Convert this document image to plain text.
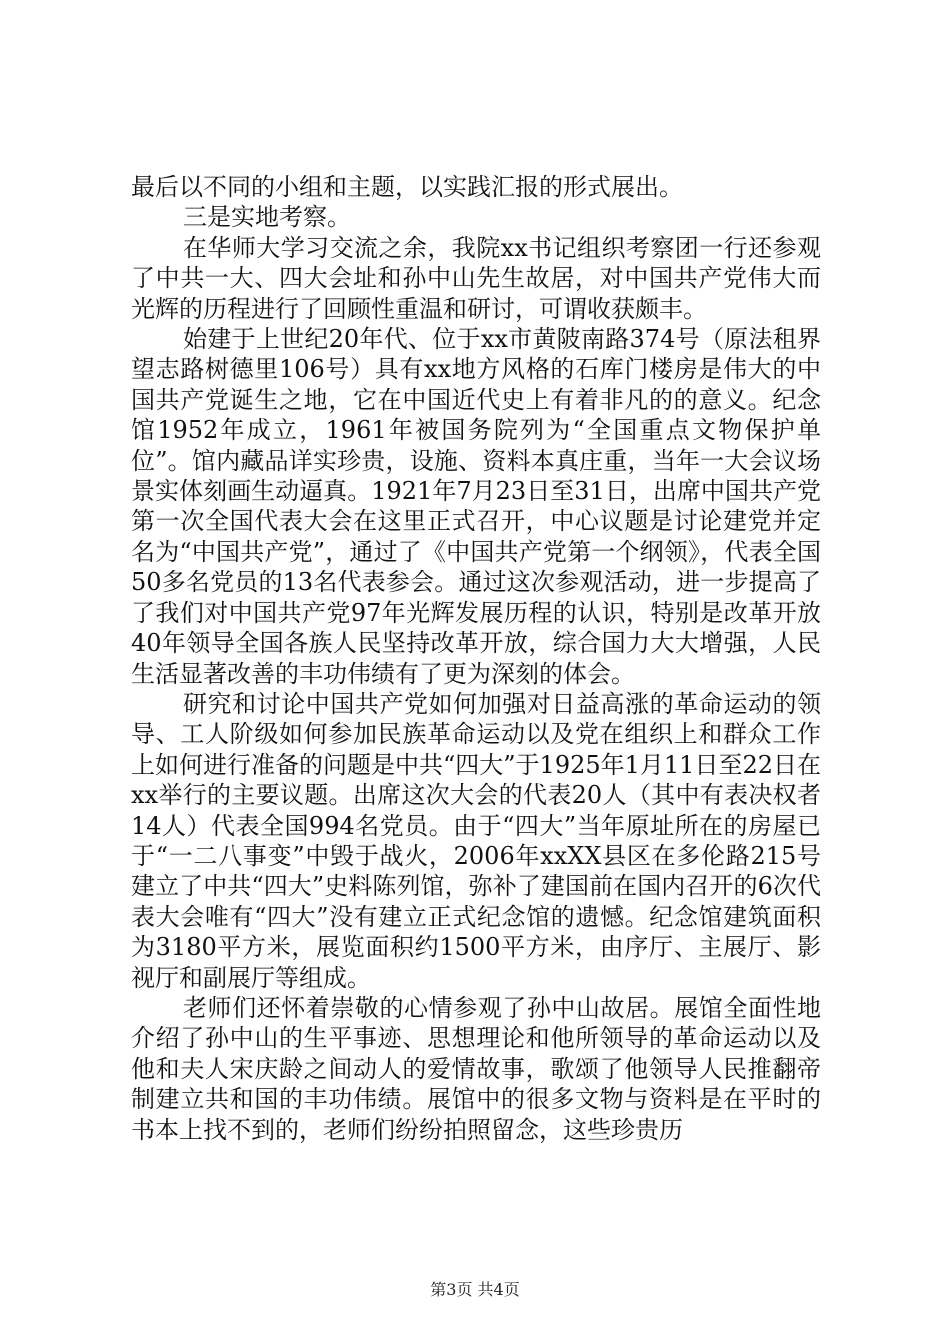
最后以不同的小组和主题，以实践汇报的形式展出。

三是实地考察。

在华师大学习交流之余，我院xx书记组织考察团一行还参观了中共一大、四大会址和孙中山先生故居，对中国共产党伟大而光辉的历程进行了回顾性重温和研讨，可谓收获颇丰。

始建于上世纪20年代、位于xx市黄陂南路374号（原法租界望志路树德里106号）具有xx地方风格的石库门楼房是伟大的中国共产党诞生之地，它在中国近代史上有着非凡的的意义。纪念馆1952年成立，1961年被国务院列为“全国重点文物保护单位”。馆内藏品详实珍贵，设施、资料本真庄重，当年一大会议场景实体刻画生动逼真。1921年7月23日至31日，出席中国共产党第一次全国代表大会在这里正式召开，中心议题是讨论建党并定名为“中国共产党”，通过了《中国共产党第一个纲领》，代表全国50多名党员的13名代表参会。通过这次参观活动，进一步提高了了我们对中国共产党97年光辉发展历程的认识，特别是改革开放40年领导全国各族人民坚持改革开放，综合国力大大增强，人民生活显著改善的丰功伟绩有了更为深刻的体会。

研究和讨论中国共产党如何加强对日益高涨的革命运动的领导、工人阶级如何参加民族革命运动以及党在组织上和群众工作上如何进行准备的问题是中共“四大”于1925年1月11日至22日在xx举行的主要议题。出席这次大会的代表20人（其中有表决权者14人）代表全国994名党员。由于“四大”当年原址所在的房屋已于“一二八事变”中毁于战火，2006年xxXX县区在多伦路215号建立了中共“四大”史料陈列馆，弥补了建国前在国内召开的6次代表大会唯有“四大”没有建立正式纪念馆的遗憾。纪念馆建筑面积为3180平方米，展览面积约1500平方米，由序厅、主展厅、影视厅和副展厅等组成。

老师们还怀着崇敬的心情参观了孙中山故居。展馆全面性地介绍了孙中山的生平事迹、思想理论和他所领导的革命运动以及他和夫人宋庆龄之间动人的爱情故事，歌颂了他领导人民推翻帝制建立共和国的丰功伟绩。展馆中的很多文物与资料是在平时的书本上找不到的，老师们纷纷拍照留念，这些珍贵历

第3页 共4页
